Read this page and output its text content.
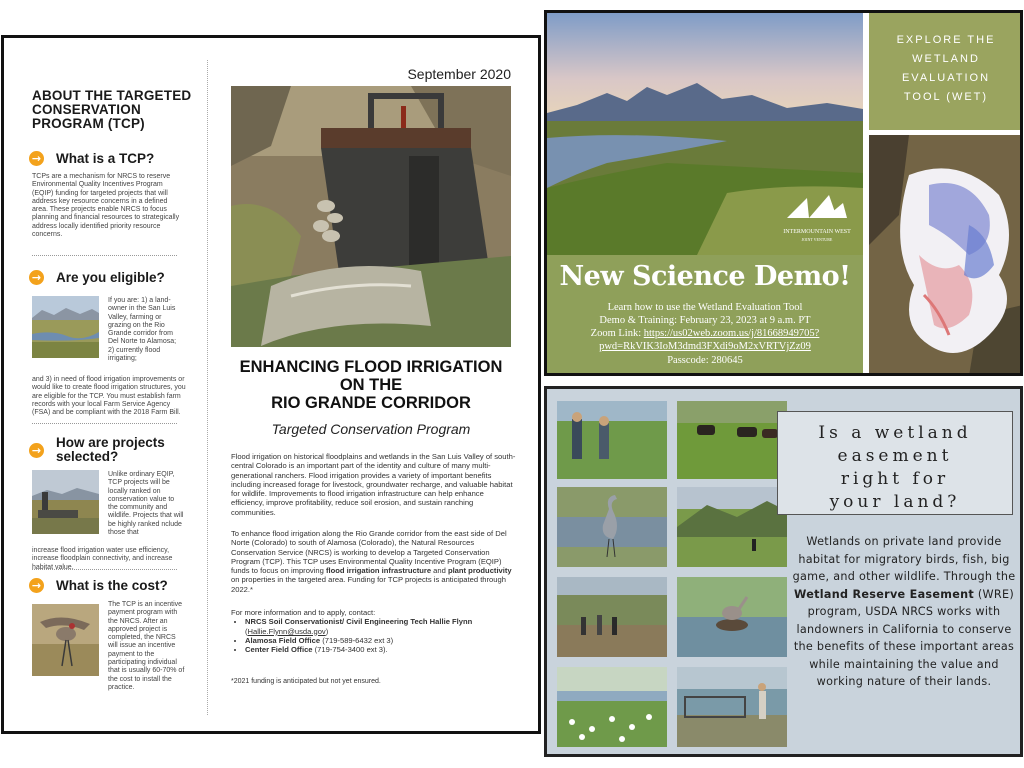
ABOUT THE TARGETED CONSERVATION PROGRAM (TCP)
→ What is a TCP?
TCPs are a mechanism for NRCS to reserve Environmental Quality Incentives Program (EQIP) funding for targeted projects that will address key resource concerns in a defined area. These projects enable NRCS to focus planning and financial resources to strategically address locally identified priority resource concerns.
→ Are you eligible?
If you are: 1) a land-owner in the San Luis Valley, farming or grazing on the Rio Grande corridor from Del Norte to Alamosa; 2) currently flood irrigating;
and 3) in need of flood irrigation improvements or would like to create flood irrigation structures, you are eligible for the TCP. You must establish farm records with your local Farm Service Agency (FSA) and be compliant with the 2018 Farm Bill.
→ How are projects selected?
Unlike ordinary EQIP, TCP projects will be locally ranked on conservation value to the community and wildlife. Projects that will be highly ranked nclude those that
increase flood irrigation water use efficiency, increase floodplain connectivity, and increase habitat value.
→ What is the cost?
The TCP is an incentive payment program with the NRCS. After an approved project is completed, the NRCS will issue an incentive payment to the participating individual that is usually 60-70% of the cost to install the practice.
September 2020
ENHANCING FLOOD IRRIGATION
ON THE
RIO GRANDE CORRIDOR
Targeted Conservation Program
Flood irrigation on historical floodplains and wetlands in the San Luis Valley of south-central Colorado is an important part of the identity and culture of many multi-generational ranchers. Flood irrigation provides a variety of important benefits including increased forage for livestock, groundwater recharge, and valuable habitat for wildlife. Improvements to flood irrigation infrastructure can help enhance efficiency, improve profitability, reduce soil erosion, and sustain ranching communities.
To enhance flood irrigation along the Rio Grande corridor from the east side of Del Norte (Colorado) to south of Alamosa (Colorado), the Natural Resources Conservation Service (NRCS) is working to develop a Targeted Conservation Program (TCP). This TCP uses Environmental Quality Incentive Program (EQIP) funds to focus on improving flood irrigation infrastructure and plant productivity on properties in the targeted area. Funding for TCP projects is anticipated through 2022.*
For more information and to apply, contact:
• NRCS Soil Conservationist/ Civil Engineering Tech Hallie Flynn (Hallie.Flynn@usda.gov)
• Alamosa Field Office (719-589-6432 ext 3)
• Center Field Office (719-754-3400 ext 3).
*2021 funding is anticipated but not yet ensured.
INTERMOUNTAIN WEST
JOINT VENTURE
New Science Demo!
Learn how to use the Wetland Evaluation Tool
Demo & Training: February 23, 2023 at 9 a.m. PT
Zoom Link: https://us02web.zoom.us/j/81668949705?
pwd=RkVIK3IoM3dmd3FXdi9oM2xVRTVjZz09
Passcode: 280645
EXPLORE THE
WETLAND
EVALUATION
TOOL (WET)
Is a wetland
easement
right for
your land?
Wetlands on private land provide habitat for migratory birds, fish, big game, and other wildlife. Through the Wetland Reserve Easement (WRE) program, USDA NRCS works with landowners in California to conserve the benefits of these important areas while maintaining the value and working nature of their lands.
